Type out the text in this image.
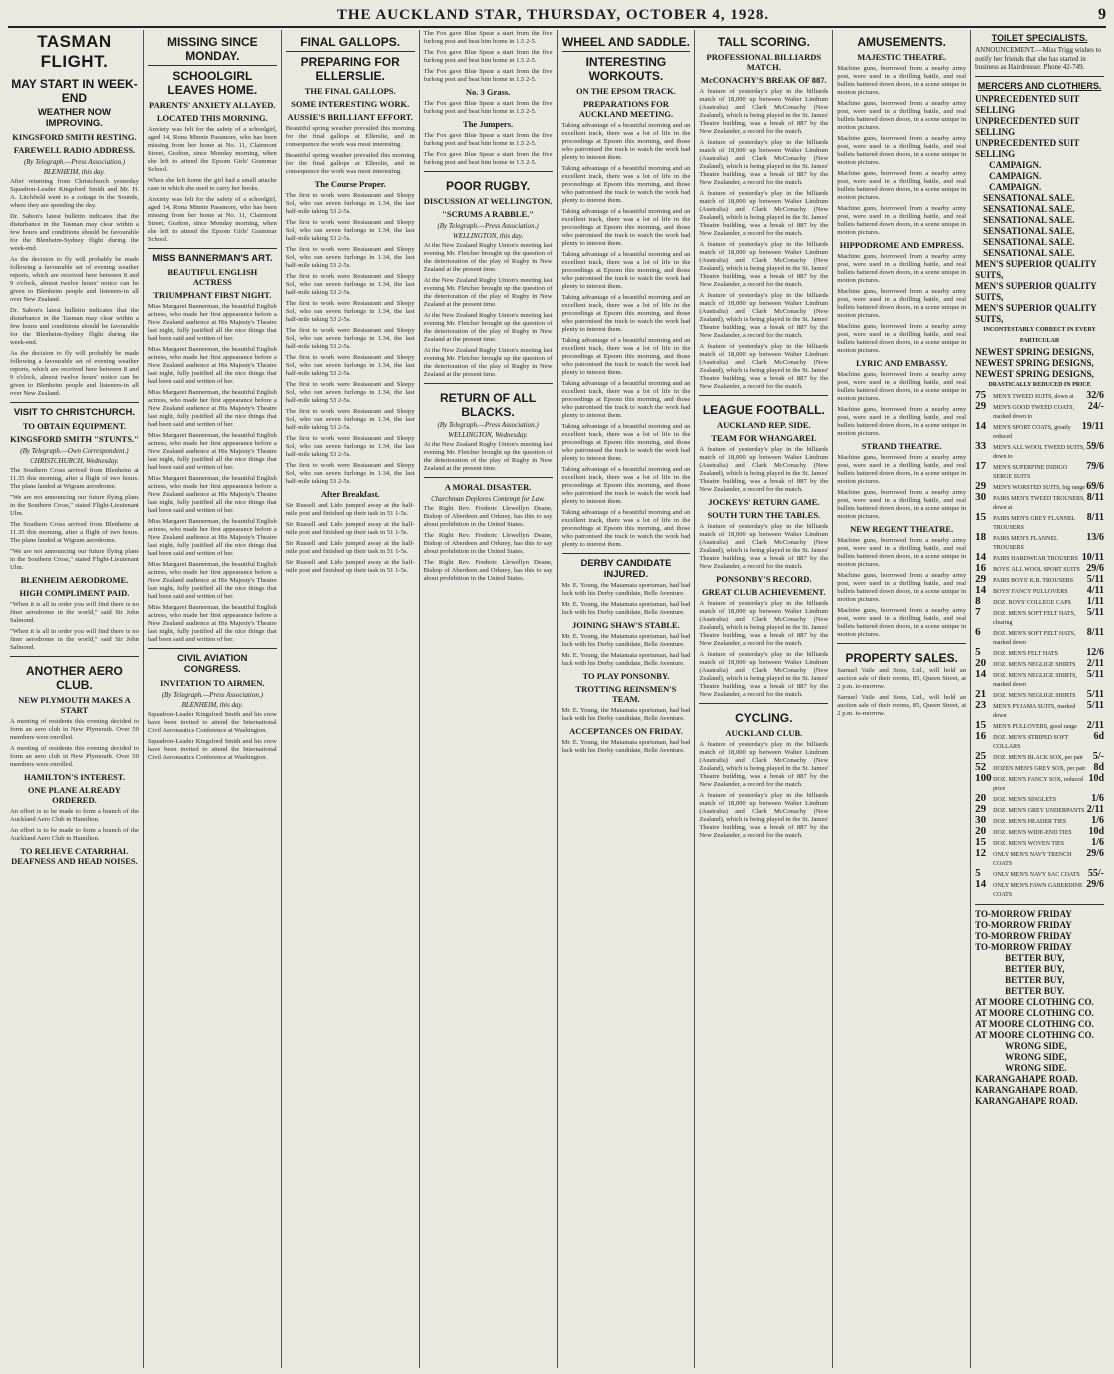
THE AUCKLAND STAR, THURSDAY, OCTOBER 4, 1928.	9
TASMAN FLIGHT.
MAY START IN WEEK-END
WEATHER NOW IMPROVING.
KINGSFORD SMITH RESTING.
FAREWELL RADIO ADDRESS.
(By Telegraph.—Press Association.)
BLENHEIM, this day.

After returning from Christchurch yesterday Squadron-Leader Kingsford Smith and Mr. H. A. Litchfield went to a cottage in the Sounds, where they are spending the day.

Dr. Sabon's latest bulletin indicates that the disturbance in the Tasman may clear within a few hours and conditions should be favourable for the Blenheim-Sydney flight during the week-end.

As the decision to fly will probably be made following a favourable set of evening weather reports, which are received here between 8 and 9 o'clock, almost twelve hours' notice can be given to Blenheim people and listeners-in all over New Zealand.

Dr. Sabon's latest bulletin indicates that the disturbance in the Tasman may clear within a few hours and conditions should be favourable for the Blenheim-Sydney flight during the week-end.

As the decision to fly will probably be made following a favourable set of evening weather reports, which are received here between 8 and 9 o'clock, almost twelve hours' notice can be given to Blenheim people and listeners-in all over New Zealand.

VISIT TO CHRISTCHURCH.
TO OBTAIN EQUIPMENT.
KINGSFORD SMITH "STUNTS."
(By Telegraph.—Own Correspondent.)
CHRISTCHURCH, Wednesday.

The Southern Cross arrived from Blenheim at 11.35 this morning, after a flight of two hours. The plane landed at Wigram aerodrome.

"We are not announcing our future flying plans in the Southern Cross," stated Flight-Lieutenant Ulm.

The Southern Cross arrived from Blenheim at 11.35 this morning, after a flight of two hours. The plane landed at Wigram aerodrome.

"We are not announcing our future flying plans in the Southern Cross," stated Flight-Lieutenant Ulm.

BLENHEIM AERODROME.
HIGH COMPLIMENT PAID.

"When it is all in order you will find there is no finer aerodrome in the world," said Sir John Salmond.

"When it is all in order you will find there is no finer aerodrome in the world," said Sir John Salmond.

ANOTHER AERO CLUB.
NEW PLYMOUTH MAKES A START

A meeting of residents this evening decided to form an aero club in New Plymouth. Over 50 members were enrolled.

A meeting of residents this evening decided to form an aero club in New Plymouth. Over 50 members were enrolled.

HAMILTON'S INTEREST.
ONE PLANE ALREADY ORDERED.

An effort is to be made to form a branch of the Auckland Aero Club in Hamilton.

An effort is to be made to form a branch of the Auckland Aero Club in Hamilton.

TO RELIEVE CATARRHAL DEAFNESS AND HEAD NOISES.
MISSING SINCE MONDAY.
SCHOOLGIRL LEAVES HOME.
PARENTS' ANXIETY ALLAYED.
LOCATED THIS MORNING.

Anxiety was felt for the safety of a schoolgirl, aged 14, Rona Minnie Passmore, who has been missing from her home at No. 11, Clairmont Street, Grafton, since Monday morning, when she left to attend the Epsom Girls' Grammar School.

When she left home the girl had a small attache case in which she used to carry her books.

Anxiety was felt for the safety of a schoolgirl, aged 14, Rona Minnie Passmore, who has been missing from her home at No. 11, Clairmont Street, Grafton, since Monday morning, when she left to attend the Epsom Girls' Grammar School.

MISS BANNERMAN'S ART.
BEAUTIFUL ENGLISH ACTRESS
TRIUMPHANT FIRST NIGHT.

Miss Margaret Bannerman, the beautiful English actress, who made her first appearance before a New Zealand audience at His Majesty's Theatre last night, fully justified all the nice things that had been said and written of her.

Miss Margaret Bannerman, the beautiful English actress, who made her first appearance before a New Zealand audience at His Majesty's Theatre last night, fully justified all the nice things that had been said and written of her.

Miss Margaret Bannerman, the beautiful English actress, who made her first appearance before a New Zealand audience at His Majesty's Theatre last night, fully justified all the nice things that had been said and written of her.

Miss Margaret Bannerman, the beautiful English actress, who made her first appearance before a New Zealand audience at His Majesty's Theatre last night, fully justified all the nice things that had been said and written of her.

Miss Margaret Bannerman, the beautiful English actress, who made her first appearance before a New Zealand audience at His Majesty's Theatre last night, fully justified all the nice things that had been said and written of her.

Miss Margaret Bannerman, the beautiful English actress, who made her first appearance before a New Zealand audience at His Majesty's Theatre last night, fully justified all the nice things that had been said and written of her.

Miss Margaret Bannerman, the beautiful English actress, who made her first appearance before a New Zealand audience at His Majesty's Theatre last night, fully justified all the nice things that had been said and written of her.

Miss Margaret Bannerman, the beautiful English actress, who made her first appearance before a New Zealand audience at His Majesty's Theatre last night, fully justified all the nice things that had been said and written of her.

CIVIL AVIATION CONGRESS.
INVITATION TO AIRMEN.
(By Telegraph.—Press Association.)
BLENHEIM, this day.

Squadron-Leader Kingsford Smith and his crew have been invited to attend the International Civil Aeronautics Conference at Washington.

Squadron-Leader Kingsford Smith and his crew have been invited to attend the International Civil Aeronautics Conference at Washington.

FINAL GALLOPS.
PREPARING FOR ELLERSLIE.
THE FINAL GALLOPS.
SOME INTERESTING WORK.
AUSSIE'S BRILLIANT EFFORT.

Beautiful spring weather prevailed this morning for the final gallops at Ellerslie, and in consequence the work was most interesting.

Beautiful spring weather prevailed this morning for the final gallops at Ellerslie, and in consequence the work was most interesting.

The Course Proper.

The first to work were Restaurant and Sleepy Sol, who ran seven furlongs in 1.34, the last half-mile taking 53 2-5s.

The first to work were Restaurant and Sleepy Sol, who ran seven furlongs in 1.34, the last half-mile taking 53 2-5s.

The first to work were Restaurant and Sleepy Sol, who ran seven furlongs in 1.34, the last half-mile taking 53 2-5s.

The first to work were Restaurant and Sleepy Sol, who ran seven furlongs in 1.34, the last half-mile taking 53 2-5s.

The first to work were Restaurant and Sleepy Sol, who ran seven furlongs in 1.34, the last half-mile taking 53 2-5s.

The first to work were Restaurant and Sleepy Sol, who ran seven furlongs in 1.34, the last half-mile taking 53 2-5s.

The first to work were Restaurant and Sleepy Sol, who ran seven furlongs in 1.34, the last half-mile taking 53 2-5s.

The first to work were Restaurant and Sleepy Sol, who ran seven furlongs in 1.34, the last half-mile taking 53 2-5s.

The first to work were Restaurant and Sleepy Sol, who ran seven furlongs in 1.34, the last half-mile taking 53 2-5s.

The first to work were Restaurant and Sleepy Sol, who ran seven furlongs in 1.34, the last half-mile taking 53 2-5s.

The first to work were Restaurant and Sleepy Sol, who ran seven furlongs in 1.34, the last half-mile taking 53 2-5s.

After Breakfast.

Sir Russell and Lido jumped away at the half-mile post and finished up their task in 51 1-5s.

Sir Russell and Lido jumped away at the half-mile post and finished up their task in 51 1-5s.

Sir Russell and Lido jumped away at the half-mile post and finished up their task in 51 1-5s.

Sir Russell and Lido jumped away at the half-mile post and finished up their task in 51 1-5s.

The Fox gave Blue Spear a start from the five furlong post and beat him home in 1.5 2-5.

The Fox gave Blue Spear a start from the five furlong post and beat him home in 1.5 2-5.

The Fox gave Blue Spear a start from the five furlong post and beat him home in 1.5 2-5.

No. 3 Grass.

The Fox gave Blue Spear a start from the five furlong post and beat him home in 1.5 2-5.

The Jumpers.

The Fox gave Blue Spear a start from the five furlong post and beat him home in 1.5 2-5.

The Fox gave Blue Spear a start from the five furlong post and beat him home in 1.5 2-5.

POOR RUGBY.
DISCUSSION AT WELLINGTON.
"SCRUMS A RABBLE."
(By Telegraph.—Press Association.)
WELLINGTON, this day.

At the New Zealand Rugby Union's meeting last evening Mr. Fletcher brought up the question of the deterioration of the play of Rugby in New Zealand at the present time.

At the New Zealand Rugby Union's meeting last evening Mr. Fletcher brought up the question of the deterioration of the play of Rugby in New Zealand at the present time.

At the New Zealand Rugby Union's meeting last evening Mr. Fletcher brought up the question of the deterioration of the play of Rugby in New Zealand at the present time.

At the New Zealand Rugby Union's meeting last evening Mr. Fletcher brought up the question of the deterioration of the play of Rugby in New Zealand at the present time.

RETURN OF ALL BLACKS.
(By Telegraph.—Press Association.)
WELLINGTON, Wednesday.

At the New Zealand Rugby Union's meeting last evening Mr. Fletcher brought up the question of the deterioration of the play of Rugby in New Zealand at the present time.

A MORAL DISASTER.
Churchman Deplores Contempt for Law.

The Right Rev. Frederic Llewellyn Deane, Bishop of Aberdeen and Orkney, has this to say about prohibition in the United States.

The Right Rev. Frederic Llewellyn Deane, Bishop of Aberdeen and Orkney, has this to say about prohibition in the United States.

The Right Rev. Frederic Llewellyn Deane, Bishop of Aberdeen and Orkney, has this to say about prohibition in the United States.

WHEEL AND SADDLE.
INTERESTING WORKOUTS.
ON THE EPSOM TRACK.
PREPARATIONS FOR AUCKLAND MEETING.

Taking advantage of a beautiful morning and an excellent track, there was a lot of life in the proceedings at Epsom this morning, and those who patronised the track to watch the work had plenty to interest them.

Taking advantage of a beautiful morning and an excellent track, there was a lot of life in the proceedings at Epsom this morning, and those who patronised the track to watch the work had plenty to interest them.

Taking advantage of a beautiful morning and an excellent track, there was a lot of life in the proceedings at Epsom this morning, and those who patronised the track to watch the work had plenty to interest them.

Taking advantage of a beautiful morning and an excellent track, there was a lot of life in the proceedings at Epsom this morning, and those who patronised the track to watch the work had plenty to interest them.

Taking advantage of a beautiful morning and an excellent track, there was a lot of life in the proceedings at Epsom this morning, and those who patronised the track to watch the work had plenty to interest them.

Taking advantage of a beautiful morning and an excellent track, there was a lot of life in the proceedings at Epsom this morning, and those who patronised the track to watch the work had plenty to interest them.

Taking advantage of a beautiful morning and an excellent track, there was a lot of life in the proceedings at Epsom this morning, and those who patronised the track to watch the work had plenty to interest them.

Taking advantage of a beautiful morning and an excellent track, there was a lot of life in the proceedings at Epsom this morning, and those who patronised the track to watch the work had plenty to interest them.

Taking advantage of a beautiful morning and an excellent track, there was a lot of life in the proceedings at Epsom this morning, and those who patronised the track to watch the work had plenty to interest them.

Taking advantage of a beautiful morning and an excellent track, there was a lot of life in the proceedings at Epsom this morning, and those who patronised the track to watch the work had plenty to interest them.

DERBY CANDIDATE INJURED.

Mr. E. Young, the Matamata sportsman, had bad luck with his Derby candidate, Belle Aventure.

Mr. E. Young, the Matamata sportsman, had bad luck with his Derby candidate, Belle Aventure.

JOINING SHAW'S STABLE.

Mr. E. Young, the Matamata sportsman, had bad luck with his Derby candidate, Belle Aventure.

Mr. E. Young, the Matamata sportsman, had bad luck with his Derby candidate, Belle Aventure.

TO PLAY PONSONBY.
TROTTING REINSMEN'S TEAM.

Mr. E. Young, the Matamata sportsman, had bad luck with his Derby candidate, Belle Aventure.

ACCEPTANCES ON FRIDAY.

Mr. E. Young, the Matamata sportsman, had bad luck with his Derby candidate, Belle Aventure.

TALL SCORING.
PROFESSIONAL BILLIARDS MATCH.
McCONACHY'S BREAK OF 887.

A feature of yesterday's play in the billiards match of 18,000 up between Walter Lindrum (Australia) and Clark McConachy (New Zealand), which is being played in the St. James' Theatre building, was a break of 887 by the New Zealander, a record for the match.

A feature of yesterday's play in the billiards match of 18,000 up between Walter Lindrum (Australia) and Clark McConachy (New Zealand), which is being played in the St. James' Theatre building, was a break of 887 by the New Zealander, a record for the match.

A feature of yesterday's play in the billiards match of 18,000 up between Walter Lindrum (Australia) and Clark McConachy (New Zealand), which is being played in the St. James' Theatre building, was a break of 887 by the New Zealander, a record for the match.

A feature of yesterday's play in the billiards match of 18,000 up between Walter Lindrum (Australia) and Clark McConachy (New Zealand), which is being played in the St. James' Theatre building, was a break of 887 by the New Zealander, a record for the match.

A feature of yesterday's play in the billiards match of 18,000 up between Walter Lindrum (Australia) and Clark McConachy (New Zealand), which is being played in the St. James' Theatre building, was a break of 887 by the New Zealander, a record for the match.

A feature of yesterday's play in the billiards match of 18,000 up between Walter Lindrum (Australia) and Clark McConachy (New Zealand), which is being played in the St. James' Theatre building, was a break of 887 by the New Zealander, a record for the match.

LEAGUE FOOTBALL.
AUCKLAND REP. SIDE.
TEAM FOR WHANGAREI.

A feature of yesterday's play in the billiards match of 18,000 up between Walter Lindrum (Australia) and Clark McConachy (New Zealand), which is being played in the St. James' Theatre building, was a break of 887 by the New Zealander, a record for the match.

JOCKEYS' RETURN GAME.
SOUTH TURN THE TABLES.

A feature of yesterday's play in the billiards match of 18,000 up between Walter Lindrum (Australia) and Clark McConachy (New Zealand), which is being played in the St. James' Theatre building, was a break of 887 by the New Zealander, a record for the match.

PONSONBY'S RECORD.
GREAT CLUB ACHIEVEMENT.

A feature of yesterday's play in the billiards match of 18,000 up between Walter Lindrum (Australia) and Clark McConachy (New Zealand), which is being played in the St. James' Theatre building, was a break of 887 by the New Zealander, a record for the match.

A feature of yesterday's play in the billiards match of 18,000 up between Walter Lindrum (Australia) and Clark McConachy (New Zealand), which is being played in the St. James' Theatre building, was a break of 887 by the New Zealander, a record for the match.

CYCLING.
AUCKLAND CLUB.

A feature of yesterday's play in the billiards match of 18,000 up between Walter Lindrum (Australia) and Clark McConachy (New Zealand), which is being played in the St. James' Theatre building, was a break of 887 by the New Zealander, a record for the match.

A feature of yesterday's play in the billiards match of 18,000 up between Walter Lindrum (Australia) and Clark McConachy (New Zealand), which is being played in the St. James' Theatre building, was a break of 887 by the New Zealander, a record for the match.

AMUSEMENTS.
MAJESTIC THEATRE.

Machine guns, borrowed from a nearby army post, were used in a thrilling battle, and real bullets battered down doors, in a scene unique in motion pictures.

Machine guns, borrowed from a nearby army post, were used in a thrilling battle, and real bullets battered down doors, in a scene unique in motion pictures.

Machine guns, borrowed from a nearby army post, were used in a thrilling battle, and real bullets battered down doors, in a scene unique in motion pictures.

Machine guns, borrowed from a nearby army post, were used in a thrilling battle, and real bullets battered down doors, in a scene unique in motion pictures.

Machine guns, borrowed from a nearby army post, were used in a thrilling battle, and real bullets battered down doors, in a scene unique in motion pictures.

HIPPODROME AND EMPRESS.

Machine guns, borrowed from a nearby army post, were used in a thrilling battle, and real bullets battered down doors, in a scene unique in motion pictures.

Machine guns, borrowed from a nearby army post, were used in a thrilling battle, and real bullets battered down doors, in a scene unique in motion pictures.

Machine guns, borrowed from a nearby army post, were used in a thrilling battle, and real bullets battered down doors, in a scene unique in motion pictures.

LYRIC AND EMBASSY.

Machine guns, borrowed from a nearby army post, were used in a thrilling battle, and real bullets battered down doors, in a scene unique in motion pictures.

Machine guns, borrowed from a nearby army post, were used in a thrilling battle, and real bullets battered down doors, in a scene unique in motion pictures.

STRAND THEATRE.

Machine guns, borrowed from a nearby army post, were used in a thrilling battle, and real bullets battered down doors, in a scene unique in motion pictures.

Machine guns, borrowed from a nearby army post, were used in a thrilling battle, and real bullets battered down doors, in a scene unique in motion pictures.

NEW REGENT THEATRE.

Machine guns, borrowed from a nearby army post, were used in a thrilling battle, and real bullets battered down doors, in a scene unique in motion pictures.

Machine guns, borrowed from a nearby army post, were used in a thrilling battle, and real bullets battered down doors, in a scene unique in motion pictures.

Machine guns, borrowed from a nearby army post, were used in a thrilling battle, and real bullets battered down doors, in a scene unique in motion pictures.

PROPERTY SALES.

Samuel Vaile and Sons, Ltd., will hold an auction sale of their rooms, 85, Queen Street, at 2 p.m. to-morrow.

Samuel Vaile and Sons, Ltd., will hold an auction sale of their rooms, 85, Queen Street, at 2 p.m. to-morrow.

TOILET SPECIALISTS.
ANNOUNCEMENT.—Miss Trigg wishes to notify her friends that she has started in business as Hairdresser. Phone 42-749.
MERCERS AND CLOTHIERS.
UNPRECEDENTED SUIT SELLING
UNPRECEDENTED SUIT SELLING
UNPRECEDENTED SUIT SELLING
CAMPAIGN.
CAMPAIGN.
CAMPAIGN.
SENSATIONAL SALE.
SENSATIONAL SALE.
SENSATIONAL SALE.
SENSATIONAL SALE.
SENSATIONAL SALE.
SENSATIONAL SALE.
MEN'S SUPERIOR QUALITY SUITS,
MEN'S SUPERIOR QUALITY SUITS,
MEN'S SUPERIOR QUALITY SUITS,
INCONTESTABLY CORRECT IN EVERY PARTICULAR
NEWEST SPRING DESIGNS,
NEWEST SPRING DESIGNS,
NEWEST SPRING DESIGNS,
DRASTICALLY REDUCED IN PRICE
75	MEN'S TWEED SUITS, down at	32/6
29	MEN'S GOOD TWEED COATS, marked down to
24/-
14	MEN'S SPORT COATS, greatly reduced
19/11
33	MEN'S ALL WOOL TWEED SUITS, down to
59/6
17	MEN'S SUPERFINE INDIGO SERGE SUITS
79/6
29	MEN'S WORSTED SUITS, big range 69/6
30	PAIRS MEN'S TWEED TROUSERS, down at
8/11
15	PAIRS MEN'S GREY FLANNEL TROUSERS
8/11
18	PAIRS MEN'S FLANNEL TROUSERS
13/6
14	PAIRS HARDWEAR TROUSERS 10/11
16	BOYS' ALL WOOL SPORT SUITS 29/6
29	PAIRS BOYS' K.B. TROUSERS	5/11
14	BOYS' FANCY PULLOVERS	4/11
8	DOZ. BOYS' COLLEGE CAPS	1/11
7	DOZ. MEN'S SOFT FELT HATS, clearing
5/11
6	DOZ. MEN'S SOFT FELT HATS, marked down
8/11
5	DOZ. MEN'S FELT HATS	12/6
20	DOZ. MEN'S NEGLIGE SHIRTS	2/11
14	DOZ. MEN'S NEGLIGE SHIRTS, marked down
5/11
21	DOZ. MEN'S NEGLIGE SHIRTS	5/11
23	MEN'S PYJAMA SUITS, marked down
5/11
15	MEN'S PULLOVERS, good range 2/11
16	DOZ. MEN'S STRIPED SOFT COLLARS
6d
25	DOZ. MEN'S BLACK SOX, per pair 5/-
52	DOZEN MEN'S GREY SOX, per pair 8d
100 DOZ. MEN'S FANCY SOX, reduced price
10d
20	DOZ. MEN'S SINGLETS	1/6
29	DOZ. MEN'S GREY UNDERPANTS 2/11
30	DOZ. MEN'S HEADER TIES	1/6
20	DOZ. MEN'S WIDE-END TIES	10d
15	DOZ. MEN'S WOVEN TIES	1/6
12	ONLY MEN'S NAVY TRENCH COATS
29/6
5	ONLY MEN'S NAVY SAC COATS 55/-
14	ONLY MEN'S FAWN GABERDINE COATS
29/6
TO-MORROW FRIDAY
TO-MORROW FRIDAY
TO-MORROW FRIDAY
TO-MORROW FRIDAY
BETTER BUY,
BETTER BUY,
BETTER BUY,
BETTER BUY.
AT MOORE CLOTHING CO.
AT MOORE CLOTHING CO.
AT MOORE CLOTHING CO.
AT MOORE CLOTHING CO.
WRONG SIDE,
WRONG SIDE,
WRONG SIDE.
KARANGAHAPE ROAD.
KARANGAHAPE ROAD.
KARANGAHAPE ROAD.
